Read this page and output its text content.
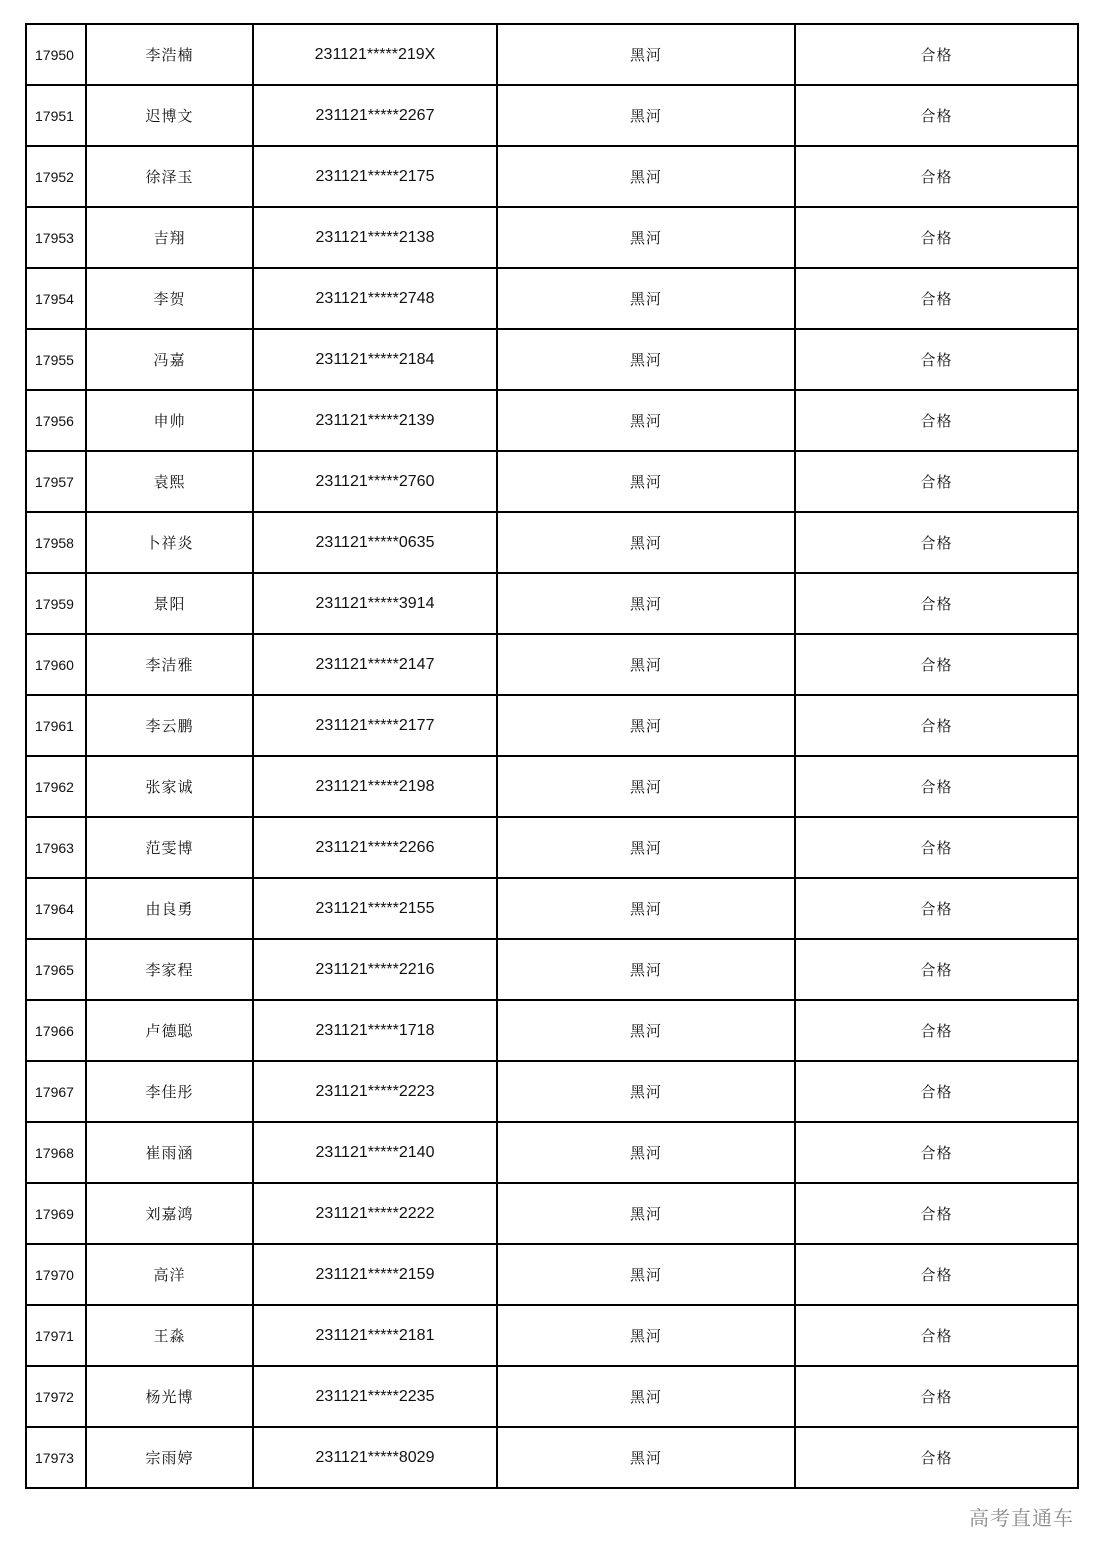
17950	李浩楠	231121*****219X	黑河	合格
17951	迟博文	231121*****2267	黑河	合格
17952	徐泽玉	231121*****2175	黑河	合格
17953	吉翔	231121*****2138	黑河	合格
17954	李贺	231121*****2748	黑河	合格
17955	冯嘉	231121*****2184	黑河	合格
17956	申帅	231121*****2139	黑河	合格
17957	袁熙	231121*****2760	黑河	合格
17958	卜祥炎	231121*****0635	黑河	合格
17959	景阳	231121*****3914	黑河	合格
17960	李洁雅	231121*****2147	黑河	合格
17961	李云鹏	231121*****2177	黑河	合格
17962	张家诚	231121*****2198	黑河	合格
17963	范雯博	231121*****2266	黑河	合格
17964	由良勇	231121*****2155	黑河	合格
17965	李家程	231121*****2216	黑河	合格
17966	卢德聪	231121*****1718	黑河	合格
17967	李佳彤	231121*****2223	黑河	合格
17968	崔雨涵	231121*****2140	黑河	合格
17969	刘嘉鸿	231121*****2222	黑河	合格
17970	高洋	231121*****2159	黑河	合格
17971	王淼	231121*****2181	黑河	合格
17972	杨光博	231121*****2235	黑河	合格
17973	宗雨婷	231121*****8029	黑河	合格
高考直通车
